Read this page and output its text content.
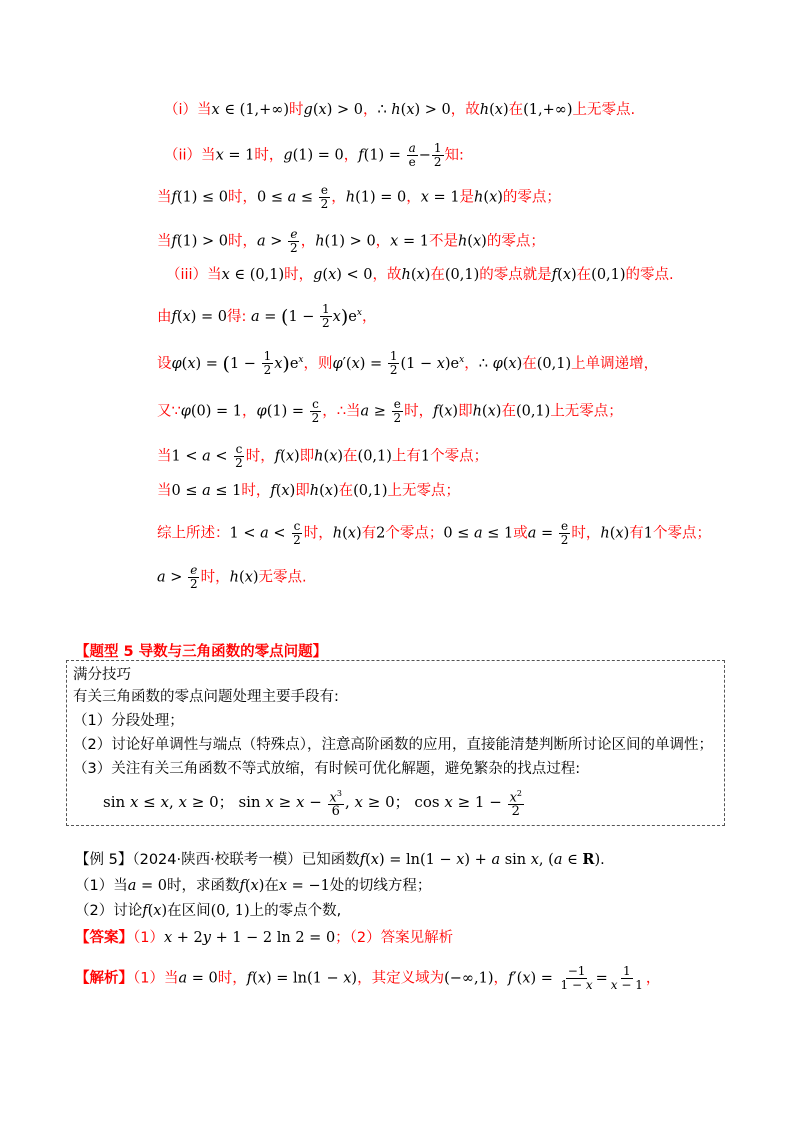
（i）当x ∈ (1,+∞)时g(x) > 0，∴ h(x) > 0，故h(x)在(1,+∞)上无零点.
（ii）当x = 1时，g(1) = 0，$f(1) = \frac{a}{e} - \frac{1}{2}$ 知:
当f(1) ≤ 0时，$0 \le a \le \frac{e}{2}$ ，h(1) = 0，x = 1是h(x)的零点；
当f(1) > 0时，$a > \frac{e}{2}$ ，h(1) > 0，x = 1不是h(x)的零点；
（iii）当x ∈ (0,1)时，g(x) < 0，故h(x)在(0,1)的零点就是f(x)在(0,1)的零点.
由f(x) = 0得: $a = (1 - \frac{1}{2} x)e^x$，
设$\varphi(x) = (1 - \frac{1}{2} x)e^x$，则$\varphi'(x) = \frac{1}{2} (1 - x)e^x$，∴ φ(x)在(0,1)上单调递增，
又∵φ(0) = 1，$\varphi(1) = \frac{c}{2}$ ，∴当$a \ge \frac{e}{2}$ 时，f(x)即h(x)在(0,1)上无零点；
当$1 < a < \frac{c}{2}$ 时，f(x)即h(x)在(0,1)上有1个零点；
当0 ≤ a ≤ 1时，f(x)即h(x)在(0,1)上无零点；
综上所述：$1 < a < \frac{c}{2}$ 时，h(x)有2个零点；0 ≤ a ≤ 1或$a = \frac{e}{2}$ 时，h(x)有1个零点；
$a > \frac{e}{2}$ 时，h(x)无零点.
【题型 5 导数与三角函数的零点问题】
满分技巧
有关三角函数的零点问题处理主要手段有:
（1）分段处理；
（2）讨论好单调性与端点（特殊点），注意高阶函数的应用，直接能清楚判断所讨论区间的单调性；
（3）关注有关三角函数不等式放缩，有时候可优化解题，避免繁杂的找点过程:
sin x ≤ x, x ≥ 0； $\sin x \ge x - \frac{x^3}{6}$ , x ≥ 0； $\cos x \ge 1 - \frac{x^2}{2}$
【例 5】（2024·陕西·校联考一模）已知函数f(x) = ln(1 − x) + a sin x, (a ∈ R).
（1）当a = 0时，求函数f(x)在x = −1处的切线方程；
（2）讨论f(x)在区间(0, 1)上的零点个数,
【答案】（1）x + 2y + 1 − 2 ln 2 = 0；（2）答案见解析
【解析】（1）当a = 0时，f(x) = ln(1 − x)，其定义域为(−∞,1)，$f'(x) = \frac{-1}{1 - x} = \frac{1}{x - 1}$ ，
